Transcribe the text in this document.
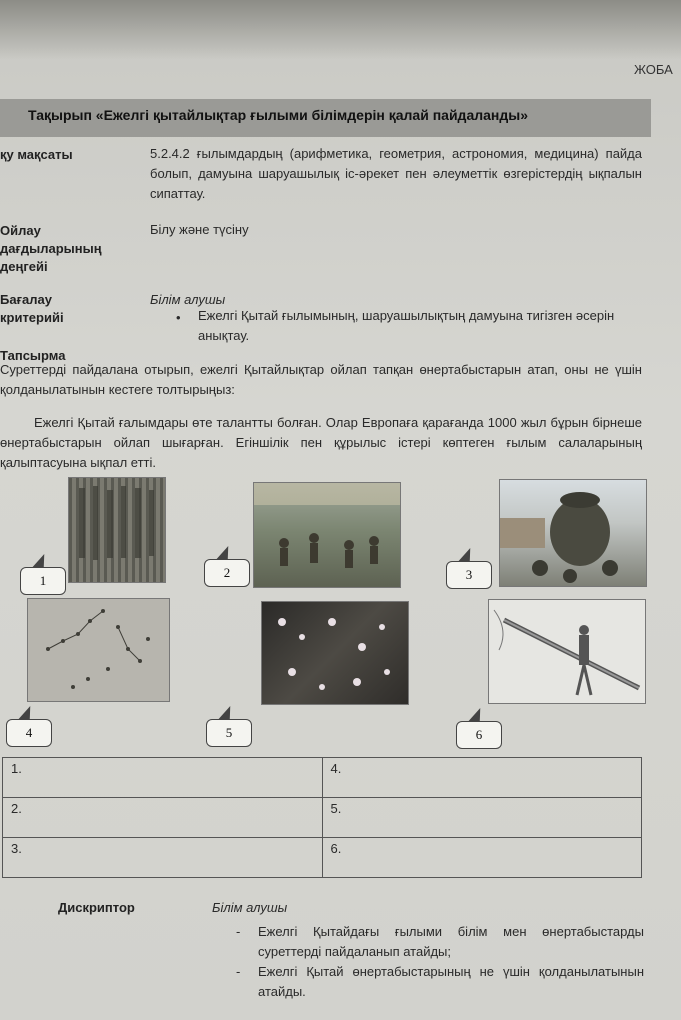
ЖОБА
Тақырып «Ежелгі қытайлықтар ғылыми білімдерін қалай пайдаланды»
қу мақсаты	5.2.4.2 ғылымдардың (арифметика, геометрия, астрономия, медицина) пайда болып, дамуына шаруашылық іс-әрекет пен әлеуметтік өзгерістердің ықпалын сипаттау.
Ойлау
дағдыларының
деңгейі
Білу және түсіну
Бағалау
критерийі
Білім алушы
• Ежелгі Қытай ғылымының, шаруашылықтың дамуына тигізген әсерін анықтау.
Тапсырма
Суреттерді пайдалана отырып, ежелгі Қытайлықтар ойлап тапқан өнертабыстарын атап, оны не үшін қолданылатынын кестеге толтырыңыз:
Ежелгі Қытай ғалымдары өте талантты болған. Олар Европаға қарағанда 1000 жыл бұрын бірнеше өнертабыстарын ойлап шығарған. Егіншілік пен құрылыс істері көптеген ғылым салаларының қалыптасуына ықпал етті.
1
2	3
4	5	6
1.	4.
2.	5.
3.	6.
Дискриптор	Білім алушы
- Ежелгі Қытайдағы ғылыми білім мен өнертабыстарды суреттерді пайдаланып атайды;
- Ежелгі Қытай өнертабыстарының не үшін қолданылатынын атайды.
